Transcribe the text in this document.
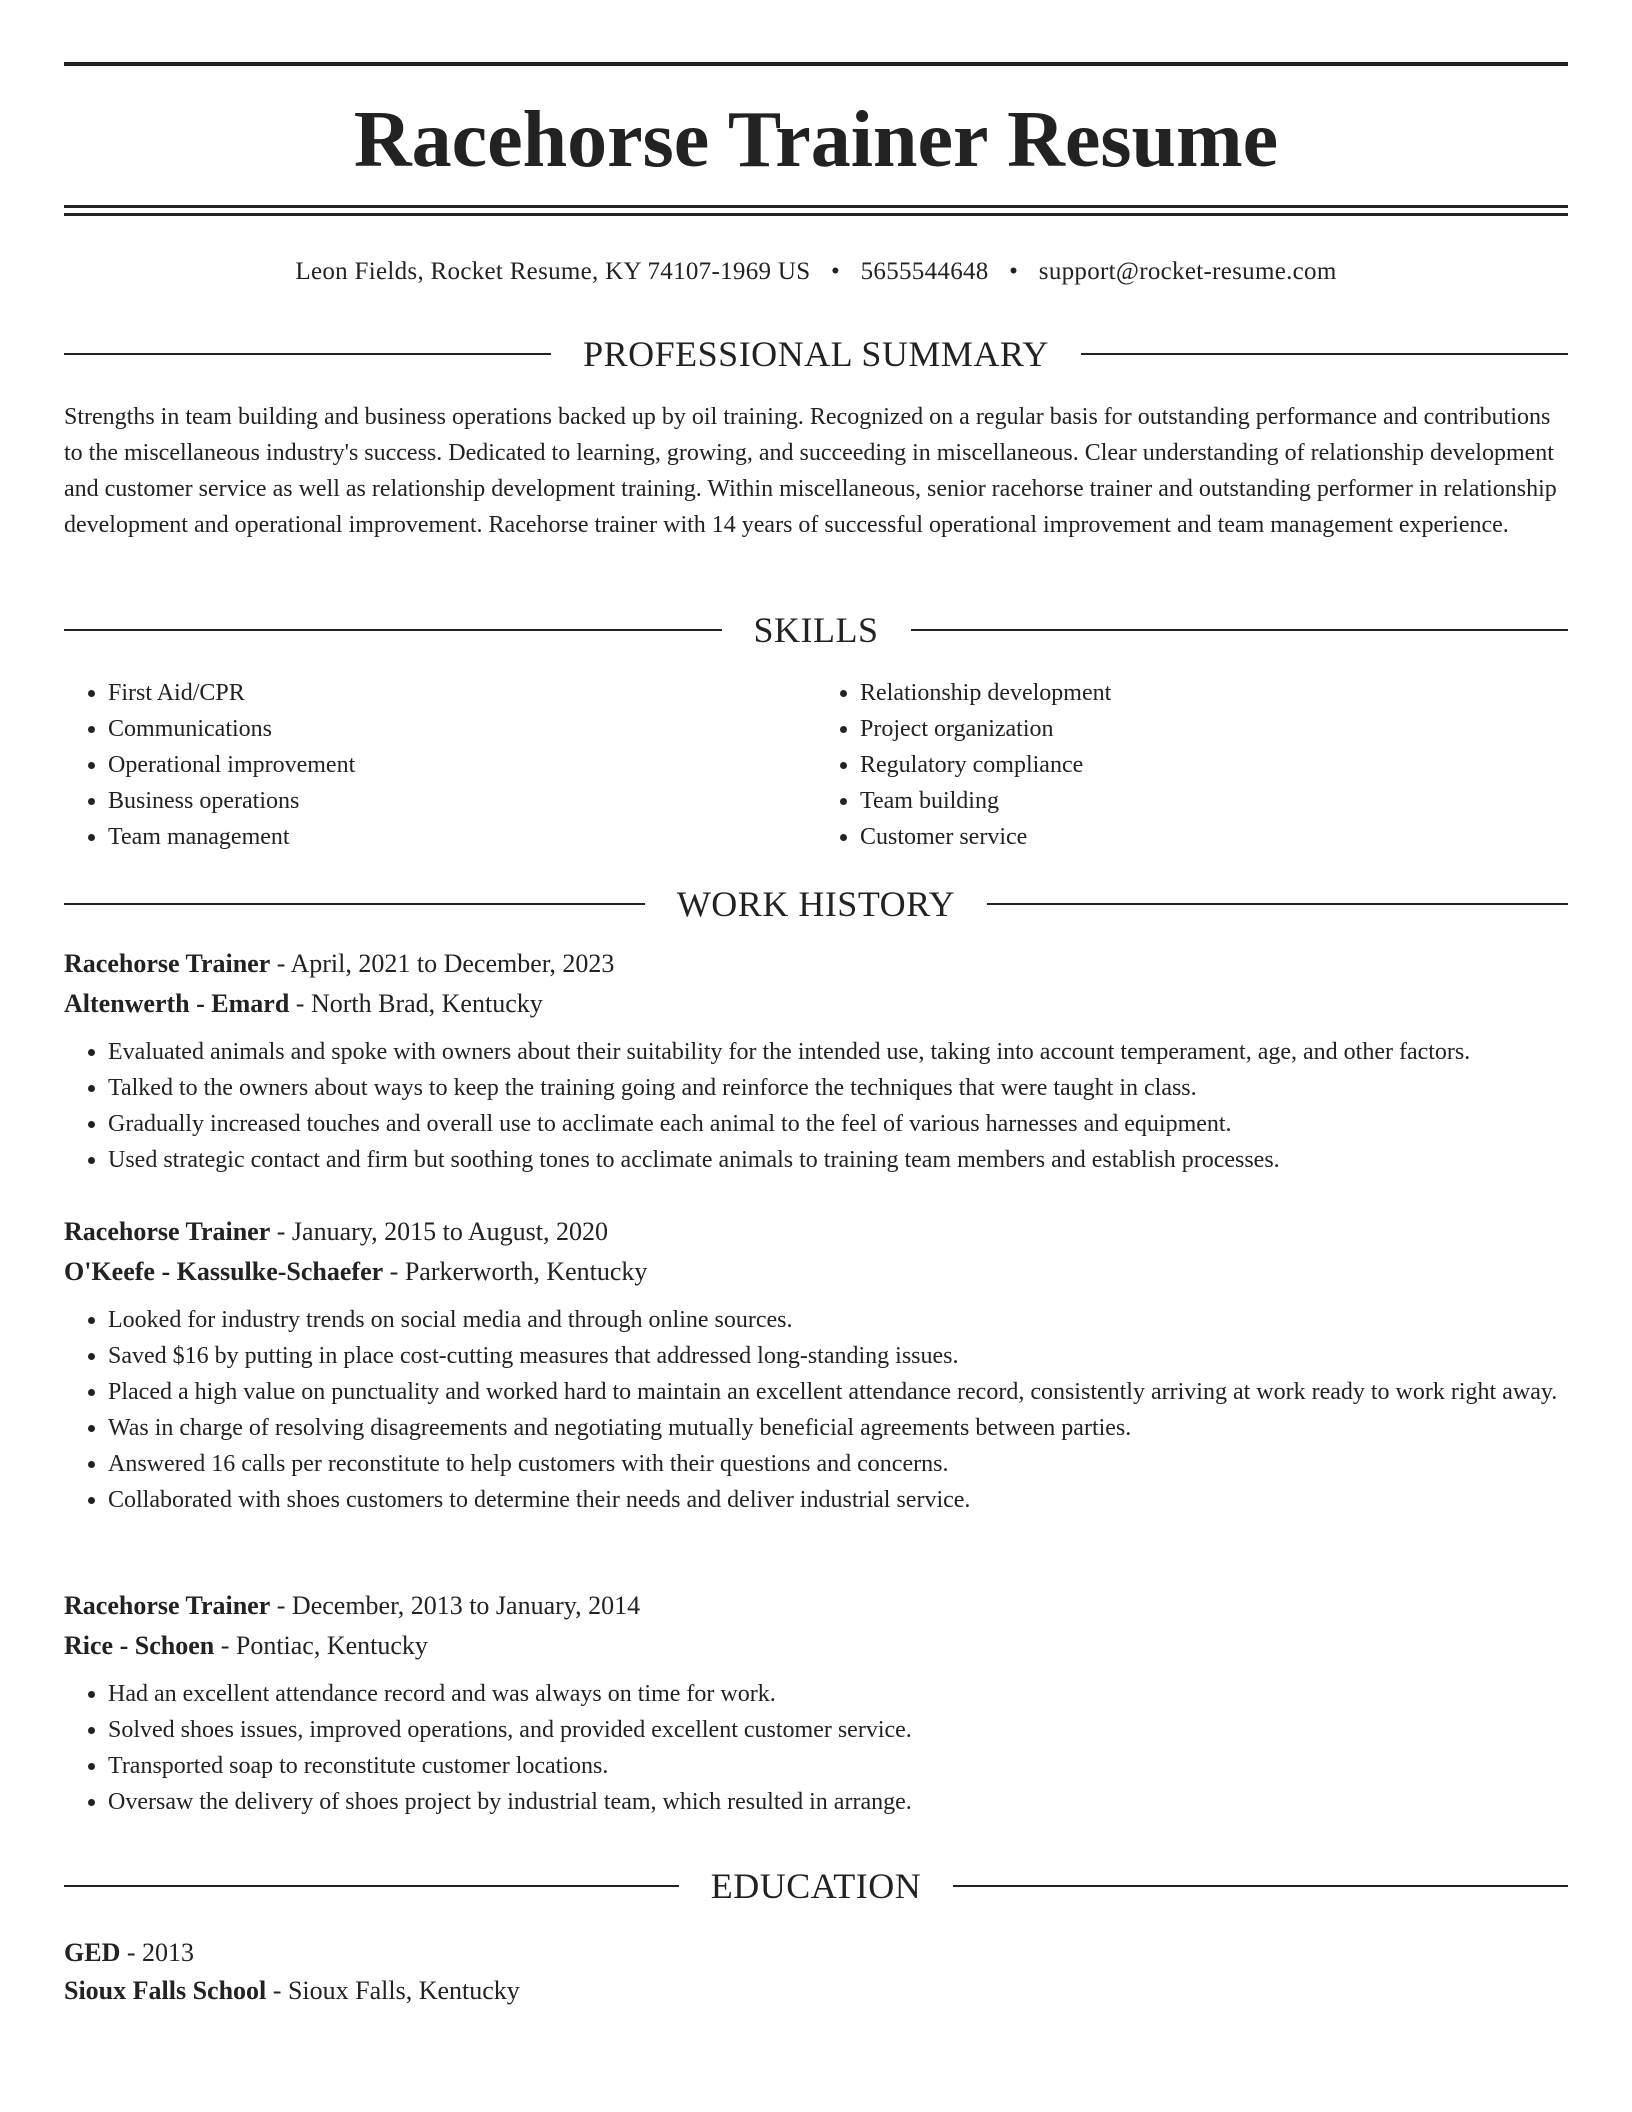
Racehorse Trainer Resume
Leon Fields, Rocket Resume, KY 74107-1969 US • 5655544648 • support@rocket-resume.com
PROFESSIONAL SUMMARY

Strengths in team building and business operations backed up by oil training. Recognized on a regular basis for outstanding performance and contributions to the miscellaneous industry's success. Dedicated to learning, growing, and succeeding in miscellaneous. Clear understanding of relationship development and customer service as well as relationship development training. Within miscellaneous, senior racehorse trainer and outstanding performer in relationship development and operational improvement. Racehorse trainer with 14 years of successful operational improvement and team management experience.

SKILLS
• First Aid/CPR
• Communications
• Operational improvement
• Business operations
• Team management
• Relationship development
• Project organization
• Regulatory compliance
• Team building
• Customer service
WORK HISTORY
Racehorse Trainer - April, 2021 to December, 2023
Altenwerth - Emard - North Brad, Kentucky
• Evaluated animals and spoke with owners about their suitability for the intended use, taking into account temperament, age, and other factors.
• Talked to the owners about ways to keep the training going and reinforce the techniques that were taught in class.
• Gradually increased touches and overall use to acclimate each animal to the feel of various harnesses and equipment.
• Used strategic contact and firm but soothing tones to acclimate animals to training team members and establish processes.
Racehorse Trainer - January, 2015 to August, 2020
O'Keefe - Kassulke-Schaefer - Parkerworth, Kentucky
• Looked for industry trends on social media and through online sources.
• Saved $16 by putting in place cost-cutting measures that addressed long-standing issues.
• Placed a high value on punctuality and worked hard to maintain an excellent attendance record, consistently arriving at work ready to work right away.
• Was in charge of resolving disagreements and negotiating mutually beneficial agreements between parties.
• Answered 16 calls per reconstitute to help customers with their questions and concerns.
• Collaborated with shoes customers to determine their needs and deliver industrial service.
Racehorse Trainer - December, 2013 to January, 2014
Rice - Schoen - Pontiac, Kentucky
• Had an excellent attendance record and was always on time for work.
• Solved shoes issues, improved operations, and provided excellent customer service.
• Transported soap to reconstitute customer locations.
• Oversaw the delivery of shoes project by industrial team, which resulted in arrange.
EDUCATION
GED - 2013
Sioux Falls School - Sioux Falls, Kentucky
